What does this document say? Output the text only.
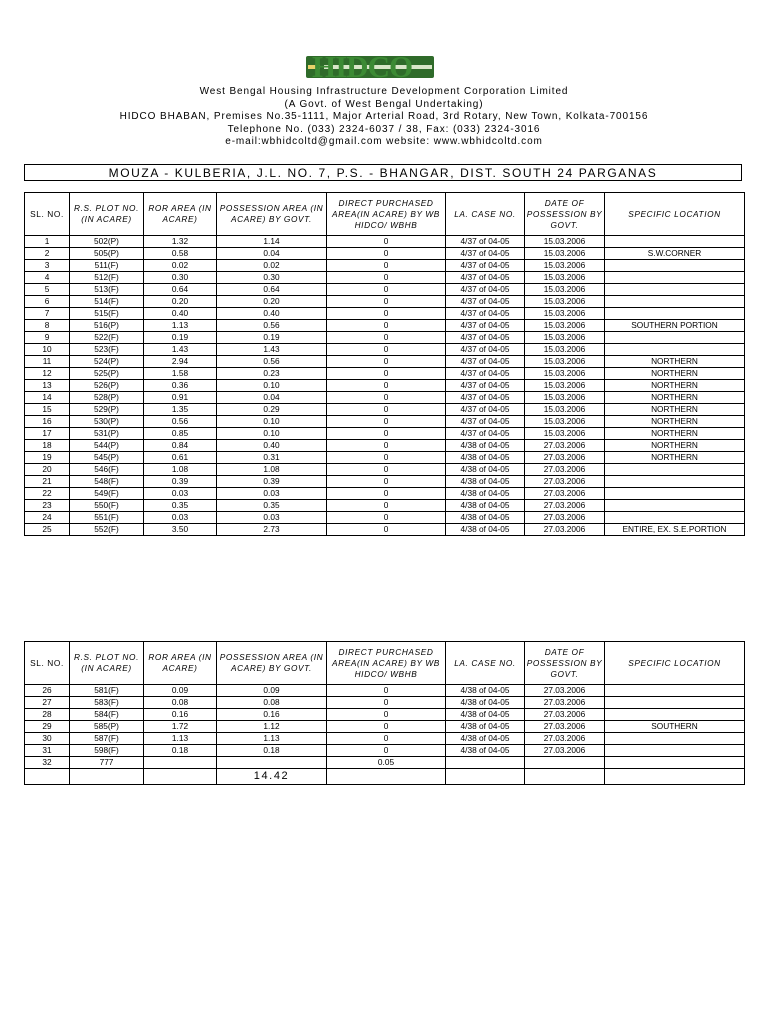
HIDCO
West Bengal Housing Infrastructure Development Corporation Limited
(A Govt. of West Bengal Undertaking)
HIDCO BHABAN, Premises No.35-1111, Major Arterial Road, 3rd Rotary, New Town, Kolkata-700156
Telephone No. (033) 2324-6037 / 38, Fax: (033) 2324-3016
e-mail:wbhidcoltd@gmail.com website: www.wbhidcoltd.com
MOUZA - KULBERIA, J.L. NO. 7, P.S. - BHANGAR, DIST. SOUTH 24 PARGANAS
SL. NO.	R.S. PLOT NO. (IN ACARE)	ROR AREA (IN ACARE)	POSSESSION AREA (IN ACARE) BY GOVT.	DIRECT PURCHASED AREA(IN ACARE) BY WB HIDCO/ WBHB	LA. CASE NO.	DATE OF POSSESSION BY GOVT.	SPECIFIC LOCATION
1	502(P)	1.32	1.14	0	4/37 of 04-05	15.03.2006	
2	505(P)	0.58	0.04	0	4/37 of 04-05	15.03.2006	S.W.CORNER
3	511(F)	0.02	0.02	0	4/37 of 04-05	15.03.2006	
4	512(F)	0.30	0.30	0	4/37 of 04-05	15.03.2006	
5	513(F)	0.64	0.64	0	4/37 of 04-05	15.03.2006	
6	514(F)	0.20	0.20	0	4/37 of 04-05	15.03.2006	
7	515(F)	0.40	0.40	0	4/37 of 04-05	15.03.2006	
8	516(P)	1.13	0.56	0	4/37 of 04-05	15.03.2006	SOUTHERN PORTION
9	522(F)	0.19	0.19	0	4/37 of 04-05	15.03.2006	
10	523(F)	1.43	1.43	0	4/37 of 04-05	15.03.2006	
11	524(P)	2.94	0.56	0	4/37 of 04-05	15.03.2006	NORTHERN
12	525(P)	1.58	0.23	0	4/37 of 04-05	15.03.2006	NORTHERN
13	526(P)	0.36	0.10	0	4/37 of 04-05	15.03.2006	NORTHERN
14	528(P)	0.91	0.04	0	4/37 of 04-05	15.03.2006	NORTHERN
15	529(P)	1.35	0.29	0	4/37 of 04-05	15.03.2006	NORTHERN
16	530(P)	0.56	0.10	0	4/37 of 04-05	15.03.2006	NORTHERN
17	531(P)	0.85	0.10	0	4/37 of 04-05	15.03.2006	NORTHERN
18	544(P)	0.84	0.40	0	4/38 of 04-05	27.03.2006	NORTHERN
19	545(P)	0.61	0.31	0	4/38 of 04-05	27.03.2006	NORTHERN
20	546(F)	1.08	1.08	0	4/38 of 04-05	27.03.2006	
21	548(F)	0.39	0.39	0	4/38 of 04-05	27.03.2006	
22	549(F)	0.03	0.03	0	4/38 of 04-05	27.03.2006	
23	550(F)	0.35	0.35	0	4/38 of 04-05	27.03.2006	
24	551(F)	0.03	0.03	0	4/38 of 04-05	27.03.2006	
25	552(F)	3.50	2.73	0	4/38 of 04-05	27.03.2006	ENTIRE, EX. S.E.PORTION
SL. NO.	R.S. PLOT NO. (IN ACARE)	ROR AREA (IN ACARE)	POSSESSION AREA (IN ACARE) BY GOVT.	DIRECT PURCHASED AREA(IN ACARE) BY WB HIDCO/ WBHB	LA. CASE NO.	DATE OF POSSESSION BY GOVT.	SPECIFIC LOCATION
26	581(F)	0.09	0.09	0	4/38 of 04-05	27.03.2006	
27	583(F)	0.08	0.08	0	4/38 of 04-05	27.03.2006	
28	584(F)	0.16	0.16	0	4/38 of 04-05	27.03.2006	
29	585(P)	1.72	1.12	0	4/38 of 04-05	27.03.2006	SOUTHERN
30	587(F)	1.13	1.13	0	4/38 of 04-05	27.03.2006	
31	598(F)	0.18	0.18	0	4/38 of 04-05	27.03.2006	
32	777			0.05			
			14.42				
